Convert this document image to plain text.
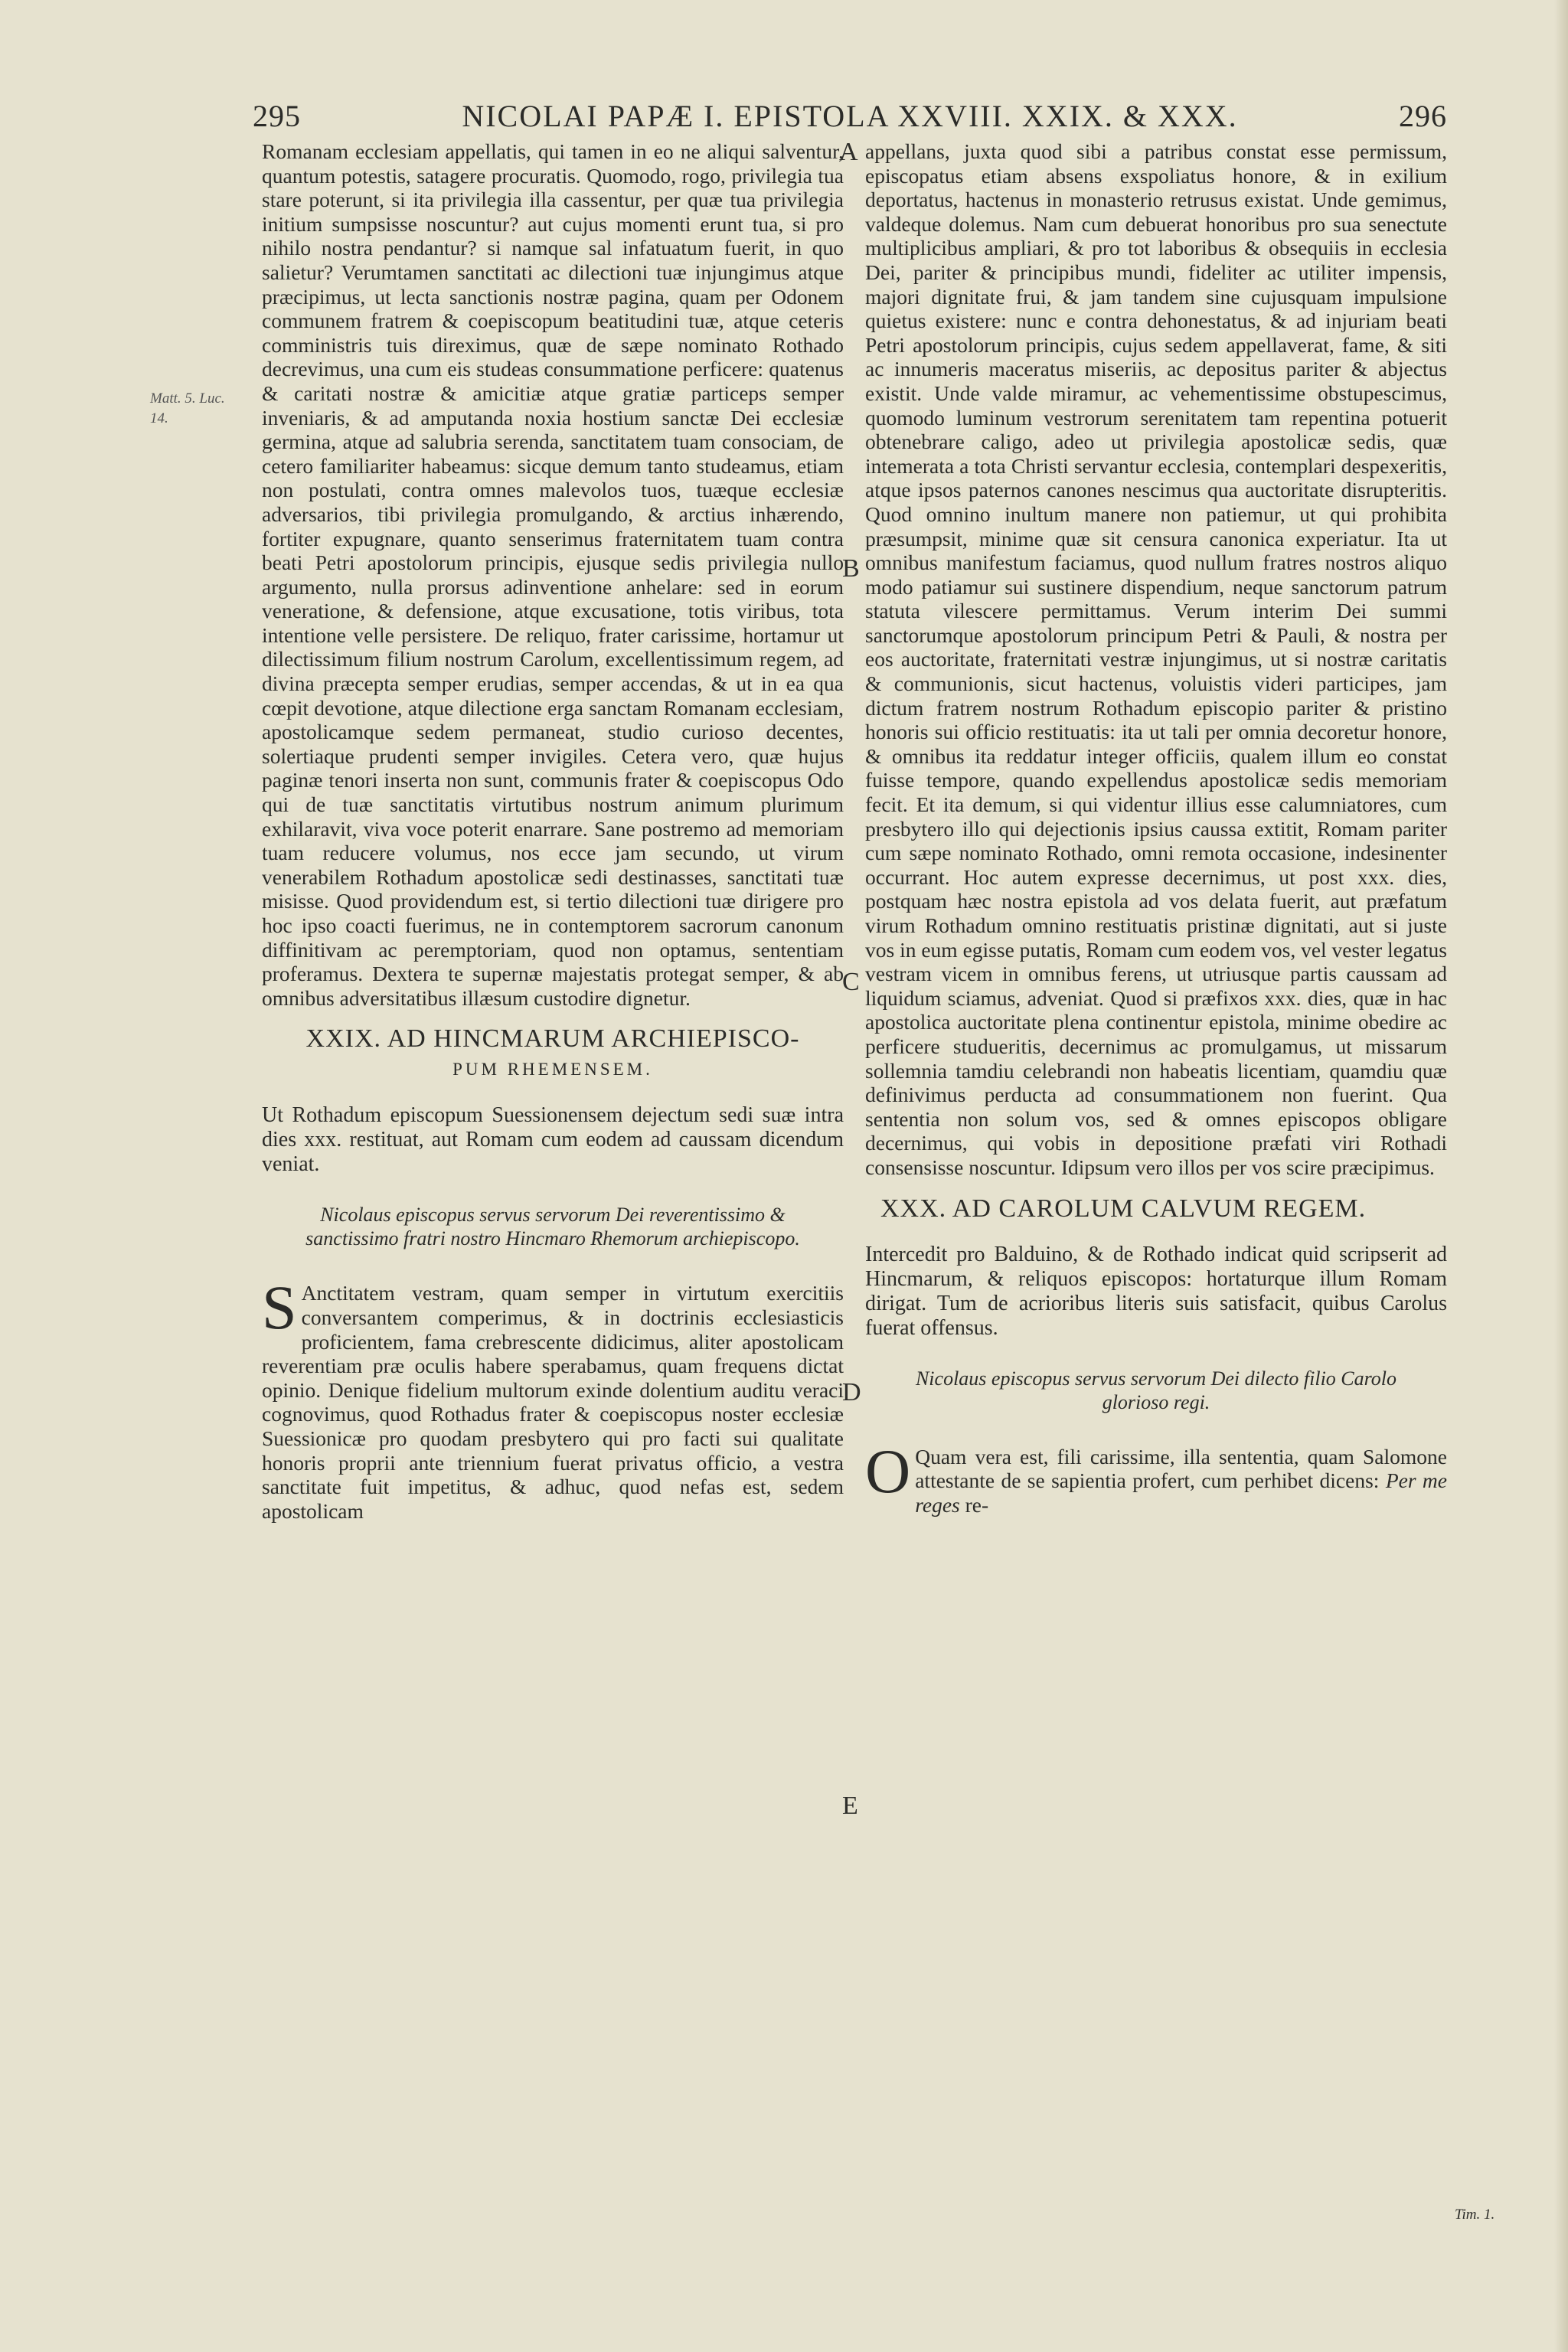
295	NICOLAI PAPÆ I. EPISTOLA XXVIII. XXIX. & XXX.	296
Matt. 5. Luc. 14.
A
B
C
D
E

Romanam ecclesiam appellatis, qui tamen in eo ne aliqui salventur, quantum potestis, satagere procuratis. Quomodo, rogo, privilegia tua stare poterunt, si ita privilegia illa cassentur, per quæ tua privilegia initium sumpsisse noscuntur? aut cujus momenti erunt tua, si pro nihilo nostra pendantur? si namque sal infatuatum fuerit, in quo salietur? Verumtamen sanctitati ac dilectioni tuæ injungimus atque præcipimus, ut lecta sanctionis nostræ pagina, quam per Odonem communem fratrem & coepiscopum beatitudini tuæ, atque ceteris comministris tuis direximus, quæ de sæpe nominato Rothado decrevimus, una cum eis studeas consummatione perficere: quatenus & caritati nostræ & amicitiæ atque gratiæ particeps semper inveniaris, & ad amputanda noxia hostium sanctæ Dei ecclesiæ germina, atque ad salubria serenda, sanctitatem tuam consociam, de cetero familiariter habeamus: sicque demum tanto studeamus, etiam non postulati, contra omnes malevolos tuos, tuæque ecclesiæ adversarios, tibi privilegia promulgando, & arctius inhærendo, fortiter expugnare, quanto senserimus fraternitatem tuam contra beati Petri apostolorum principis, ejusque sedis privilegia nullo argumento, nulla prorsus adinventione anhelare: sed in eorum veneratione, & defensione, atque excusatione, totis viribus, tota intentione velle persistere. De reliquo, frater carissime, hortamur ut dilectissimum filium nostrum Carolum, excellentissimum regem, ad divina præcepta semper erudias, semper accendas, & ut in ea qua cœpit devotione, atque dilectione erga sanctam Romanam ecclesiam, apostolicamque sedem permaneat, studio curioso decentes, solertiaque prudenti semper invigiles. Cetera vero, quæ hujus paginæ tenori inserta non sunt, communis frater & coepiscopus Odo qui de tuæ sanctitatis virtutibus nostrum animum plurimum exhilaravit, viva voce poterit enarrare. Sane postremo ad memoriam tuam reducere volumus, nos ecce jam secundo, ut virum venerabilem Rothadum apostolicæ sedi destinasses, sanctitati tuæ misisse. Quod providendum est, si tertio dilectioni tuæ dirigere pro hoc ipso coacti fuerimus, ne in contemptorem sacrorum canonum diffinitivam ac peremptoriam, quod non optamus, sententiam proferamus. Dextera te supernæ majestatis protegat semper, & ab omnibus adversitatibus illæsum custodire dignetur.

XXIX. AD HINCMARUM ARCHIEPISCO-
PUM RHEMENSEM.

Ut Rothadum episcopum Suessionensem dejectum sedi suæ intra dies xxx. restituat, aut Romam cum eodem ad caussam dicendum veniat.

Nicolaus episcopus servus servorum Dei reverentissimo & sanctissimo fratri nostro Hincmaro Rhemorum archiepiscopo.

S Anctitatem vestram, quam semper in virtutum exercitiis conversantem comperimus, & in doctrinis ecclesiasticis proficientem, fama crebrescente didicimus, aliter apostolicam reverentiam præ oculis habere sperabamus, quam frequens dictat opinio. Denique fidelium multorum exinde dolentium auditu veraci cognovimus, quod Rothadus frater & coepiscopus noster ecclesiæ Suessionicæ pro quodam presbytero qui pro facti sui qualitate honoris proprii ante triennium fuerat privatus officio, a vestra sanctitate fuit impetitus, & adhuc, quod nefas est, sedem apostolicam

appellans, juxta quod sibi a patribus constat esse permissum, episcopatus etiam absens exspoliatus honore, & in exilium deportatus, hactenus in monasterio retrusus existat. Unde gemimus, valdeque dolemus. Nam cum debuerat honoribus pro sua senectute multiplicibus ampliari, & pro tot laboribus & obsequiis in ecclesia Dei, pariter & principibus mundi, fideliter ac utiliter impensis, majori dignitate frui, & jam tandem sine cujusquam impulsione quietus existere: nunc e contra dehonestatus, & ad injuriam beati Petri apostolorum principis, cujus sedem appellaverat, fame, & siti ac innumeris maceratus miseriis, ac depositus pariter & abjectus existit. Unde valde miramur, ac vehementissime obstupescimus, quomodo luminum vestrorum serenitatem tam repentina potuerit obtenebrare caligo, adeo ut privilegia apostolicæ sedis, quæ intemerata a tota Christi servantur ecclesia, contemplari despexeritis, atque ipsos paternos canones nescimus qua auctoritate disrupteritis. Quod omnino inultum manere non patiemur, ut qui prohibita præsumpsit, minime quæ sit censura canonica experiatur. Ita ut omnibus manifestum faciamus, quod nullum fratres nostros aliquo modo patiamur sui sustinere dispendium, neque sanctorum patrum statuta vilescere permittamus. Verum interim Dei summi sanctorumque apostolorum principum Petri & Pauli, & nostra per eos auctoritate, fraternitati vestræ injungimus, ut si nostræ caritatis & communionis, sicut hactenus, voluistis videri participes, jam dictum fratrem nostrum Rothadum episcopio pariter & pristino honoris sui officio restituatis: ita ut tali per omnia decoretur honore, & omnibus ita reddatur integer officiis, qualem illum eo constat fuisse tempore, quando expellendus apostolicæ sedis memoriam fecit. Et ita demum, si qui videntur illius esse calumniatores, cum presbytero illo qui dejectionis ipsius caussa extitit, Romam pariter cum sæpe nominato Rothado, omni remota occasione, indesinenter occurrant. Hoc autem expresse decernimus, ut post xxx. dies, postquam hæc nostra epistola ad vos delata fuerit, aut præfatum virum Rothadum omnino restituatis pristinæ dignitati, aut si juste vos in eum egisse putatis, Romam cum eodem vos, vel vester legatus vestram vicem in omnibus ferens, ut utriusque partis caussam ad liquidum sciamus, adveniat. Quod si præfixos xxx. dies, quæ in hac apostolica auctoritate plena continentur epistola, minime obedire ac perficere studueritis, decernimus ac promulgamus, ut missarum sollemnia tamdiu celebrandi non habeatis licentiam, quamdiu quæ definivimus perducta ad consummationem non fuerint. Qua sententia non solum vos, sed & omnes episcopos obligare decernimus, qui vobis in depositione præfati viri Rothadi consensisse noscuntur. Idipsum vero illos per vos scire præcipimus.

XXX. AD CAROLUM CALVUM REGEM.

Intercedit pro Balduino, & de Rothado indicat quid scripserit ad Hincmarum, & reliquos episcopos: hortaturque illum Romam dirigat. Tum de acrioribus literis suis satisfacit, quibus Carolus fuerat offensus.

Nicolaus episcopus servus servorum Dei dilecto filio Carolo glorioso regi.

O Quam vera est, fili carissime, illa sententia, quam Salomone attestante de se sapientia profert, cum perhibet dicens: Per me reges re-

Tim. 1.
